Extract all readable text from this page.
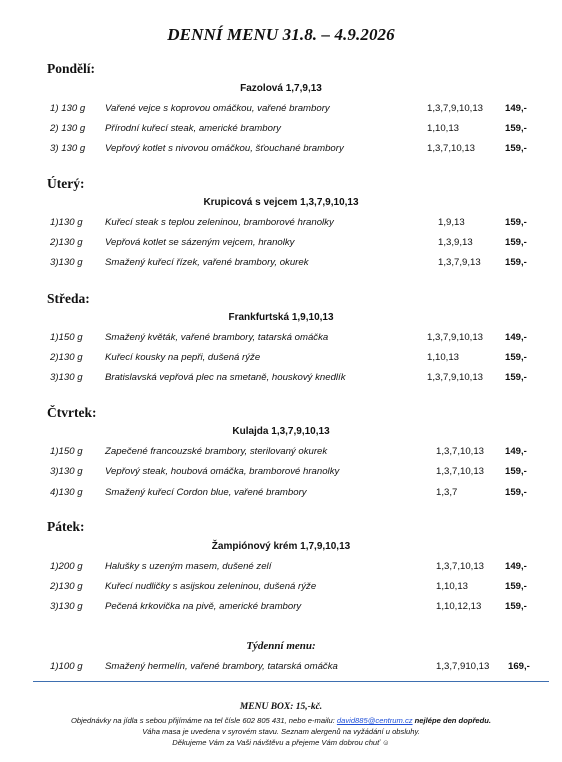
DENNÍ MENU 31.8. – 4.9.2026
Pondělí:
Fazolová 1,7,9,13
1) 130 g	Vařené vejce s koprovou omáčkou, vařené brambory	1,3,7,9,10,13	149,-
2) 130 g	Přírodní kuřecí steak, americké brambory	1,10,13	159,-
3) 130 g	Vepřový kotlet s nivovou omáčkou, šťouchané brambory	1,3,7,10,13	159,-
Úterý:
Krupicová s vejcem 1,3,7,9,10,13
1)130 g	Kuřecí steak s teplou zeleninou, bramborové hranolky	1,9,13	159,-
2)130 g	Vepřová kotlet se sázeným vejcem, hranolky	1,3,9,13	159,-
3)130 g	Smažený kuřecí řízek, vařené brambory, okurek	1,3,7,9,13	159,-
Středa:
Frankfurtská 1,9,10,13
1)150 g	Smažený květák, vařené brambory, tatarská omáčka	1,3,7,9,10,13	149,-
2)130 g	Kuřecí kousky na pepři, dušená rýže	1,10,13	159,-
3)130 g	Bratislavská vepřová plec na smetaně, houskový knedlík	1,3,7,9,10,13	159,-
Čtvrtek:
Kulajda 1,3,7,9,10,13
1)150 g	Zapečené francouzské brambory, sterilovaný okurek	1,3,7,10,13	149,-
3)130 g	Vepřový steak, houbová omáčka, bramborové hranolky	1,3,7,10,13	159,-
4)130 g	Smažený kuřecí Cordon blue, vařené brambory	1,3,7	159,-
Pátek:
Žampiónový krém 1,7,9,10,13
1)200 g	Halušky s uzeným masem, dušené zelí	1,3,7,10,13	149,-
2)130 g	Kuřecí nudličky s asijskou zeleninou, dušená rýže	1,10,13	159,-
3)130 g	Pečená krkovička na pivě, americké brambory	1,10,12,13	159,-
Týdenní menu:
1)100 g	Smažený hermelín, vařené brambory, tatarská omáčka	1,3,7,910,13	169,-
MENU BOX: 15,-kč.
Objednávky na jídla s sebou přijímáme na tel čísle 602 805 431, nebo e-mailu: david885@centrum.cz nejlépe den dopředu.
Váha masa je uvedena v syrovém stavu. Seznam alergenů na vyžádání u obsluhy.
Děkujeme Vám za Vaši návštěvu a přejeme Vám dobrou chuť ☺
